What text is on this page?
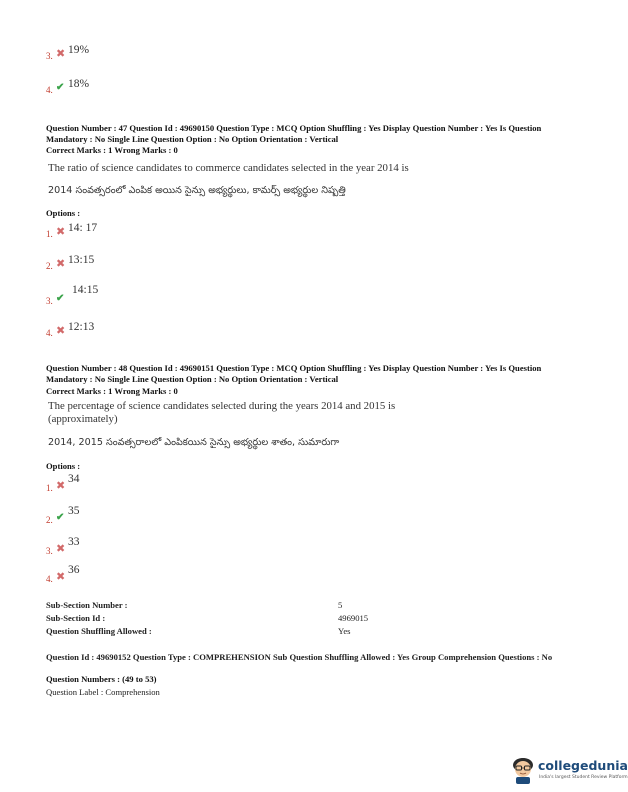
3. ✖ 19%
4. ✔ 18%
Question Number : 47 Question Id : 49690150 Question Type : MCQ Option Shuffling : Yes Display Question Number : Yes Is Question Mandatory : No Single Line Question Option : No Option Orientation : Vertical
Correct Marks : 1 Wrong Marks : 0
The ratio of science candidates to commerce candidates selected in the year 2014 is
2014 సంవత్సరంలో ఎంపిక అయిన సైన్సు అభ్యర్థులు, కామర్స్ అభ్యర్థుల నిష్పత్తి
Options :
1. ✖ 14: 17
2. ✖ 13:15
3. ✔
14:15
4. ✖ 12:13
Question Number : 48 Question Id : 49690151 Question Type : MCQ Option Shuffling : Yes Display Question Number : Yes Is Question Mandatory : No Single Line Question Option : No Option Orientation : Vertical
Correct Marks : 1 Wrong Marks : 0
The percentage of science candidates selected during the years 2014 and 2015 is
(approximately)
2014, 2015 సంవత్సరాలలో ఎంపికయిన సైన్సు అభ్యర్థుల శాతం, సుమారుగా
Options :
1. ✖
34
2. ✔
35
3. ✖
33
4. ✖
36
Sub-Section Number :	5
Sub-Section Id :	4969015
Question Shuffling Allowed :	Yes
Question Id : 49690152 Question Type : COMPREHENSION Sub Question Shuffling Allowed : Yes Group Comprehension Questions : No
Question Numbers : (49 to 53)
Question Label : Comprehension
collegedunia
India's largest Student Review Platform
